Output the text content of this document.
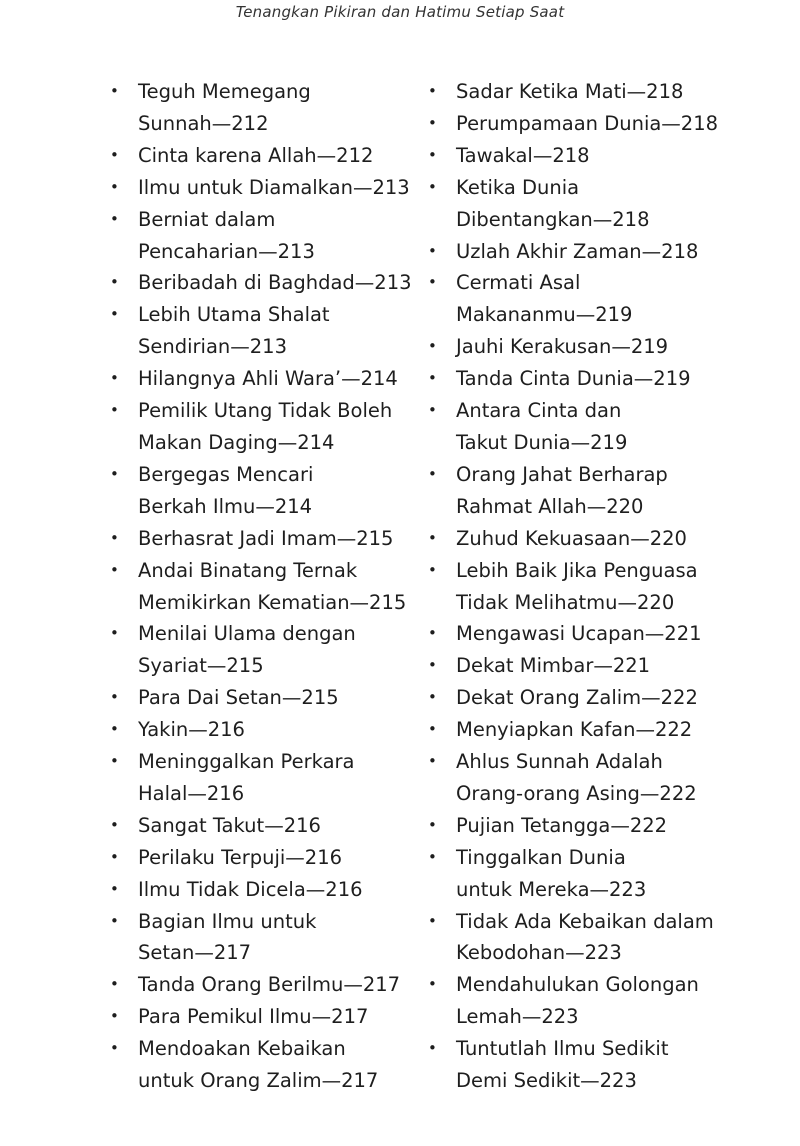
Tenangkan Pikiran dan Hatimu Setiap Saat
• Teguh Memegang
Sunnah—212
• Cinta karena Allah—212
• Ilmu untuk Diamalkan—213
• Berniat dalam
Pencaharian—213
• Beribadah di Baghdad—213
• Lebih Utama Shalat
Sendirian—213
• Hilangnya Ahli Wara’—214
• Pemilik Utang Tidak Boleh
Makan Daging—214
• Bergegas Mencari
Berkah Ilmu—214
• Berhasrat Jadi Imam—215
• Andai Binatang Ternak
Memikirkan Kematian—215
• Menilai Ulama dengan
Syariat—215
• Para Dai Setan—215
• Yakin—216
• Meninggalkan Perkara
Halal—216
• Sangat Takut—216
• Perilaku Terpuji—216
• Ilmu Tidak Dicela—216
• Bagian Ilmu untuk
Setan—217
• Tanda Orang Berilmu—217
• Para Pemikul Ilmu—217
• Mendoakan Kebaikan
untuk Orang Zalim—217
• Sadar Ketika Mati—218
• Perumpamaan Dunia—218
• Tawakal—218
• Ketika Dunia
Dibentangkan—218
• Uzlah Akhir Zaman—218
• Cermati Asal
Makananmu—219
• Jauhi Kerakusan—219
• Tanda Cinta Dunia—219
• Antara Cinta dan
Takut Dunia—219
• Orang Jahat Berharap
Rahmat Allah—220
• Zuhud Kekuasaan—220
• Lebih Baik Jika Penguasa
Tidak Melihatmu—220
• Mengawasi Ucapan—221
• Dekat Mimbar—221
• Dekat Orang Zalim—222
• Menyiapkan Kafan—222
• Ahlus Sunnah Adalah
Orang-orang Asing—222
• Pujian Tetangga—222
• Tinggalkan Dunia
untuk Mereka—223
• Tidak Ada Kebaikan dalam
Kebodohan—223
• Mendahulukan Golongan
Lemah—223
• Tuntutlah Ilmu Sedikit
Demi Sedikit—223
